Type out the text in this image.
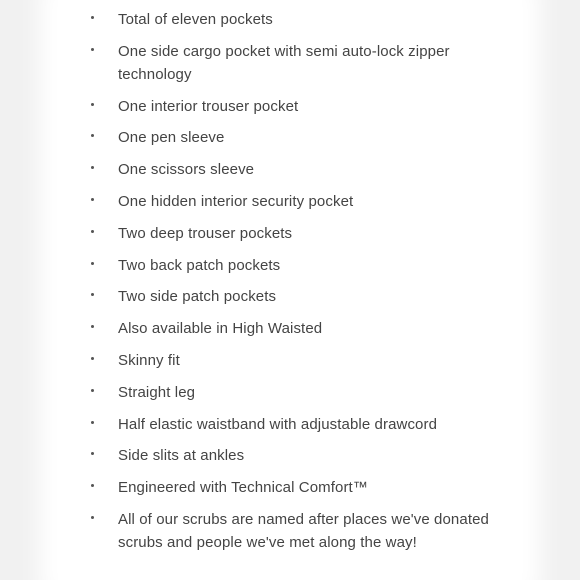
Total of eleven pockets
One side cargo pocket with semi auto-lock zipper technology
One interior trouser pocket
One pen sleeve
One scissors sleeve
One hidden interior security pocket
Two deep trouser pockets
Two back patch pockets
Two side patch pockets
Also available in High Waisted
Skinny fit
Straight leg
Half elastic waistband with adjustable drawcord
Side slits at ankles
Engineered with Technical Comfort™
All of our scrubs are named after places we've donated scrubs and people we've met along the way!
